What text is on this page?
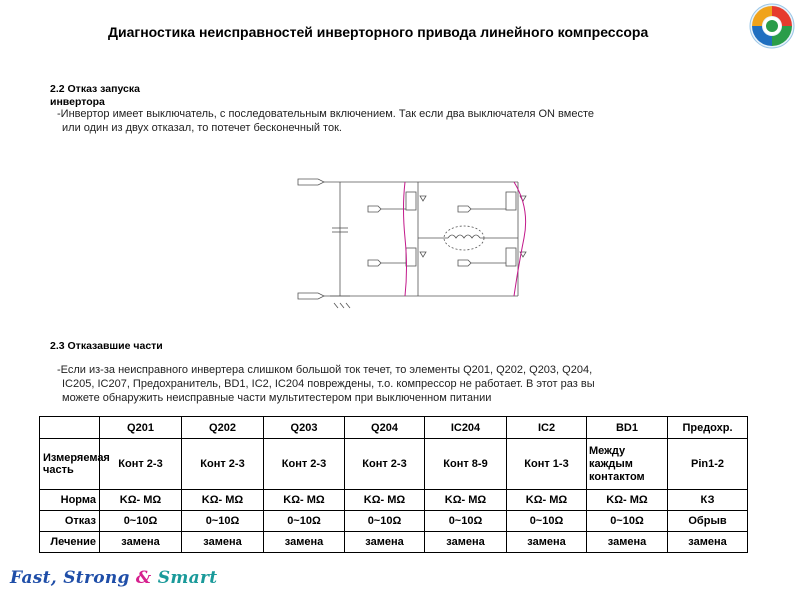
Диагностика неисправностей инверторного привода линейного компрессора
2.2 Отказ запуска инвертора
-Инвертор имеет выключатель, с последовательным включением. Так если два выключателя ON вместе
или один из двух отказал, то потечет бесконечный ток.
2.3 Отказавшие части
-Если из-за неисправного инвертера слишком большой ток течет, то элементы Q201, Q202, Q203, Q204,
IC205, IC207, Предохранитель, BD1, IC2, IC204 повреждены, т.о. компрессор не работает. В этот раз вы
можете обнаружить неисправные части мультитестером при выключенном питании
	Q201	Q202	Q203	Q204	IC204	IC2	BD1	Предохр.
Измеряемая часть	Конт 2-3	Конт 2-3	Конт 2-3	Конт 2-3	Конт 8-9	Конт 1-3	Между каждым контактом	Pin1-2
Норма	KΩ- MΩ	KΩ- MΩ	KΩ- MΩ	KΩ- MΩ	KΩ- MΩ	KΩ- MΩ	KΩ- MΩ	КЗ
Отказ	0~10Ω	0~10Ω	0~10Ω	0~10Ω	0~10Ω	0~10Ω	0~10Ω	Обрыв
Лечение	замена	замена	замена	замена	замена	замена	замена	замена
Fast, Strong & Smart
